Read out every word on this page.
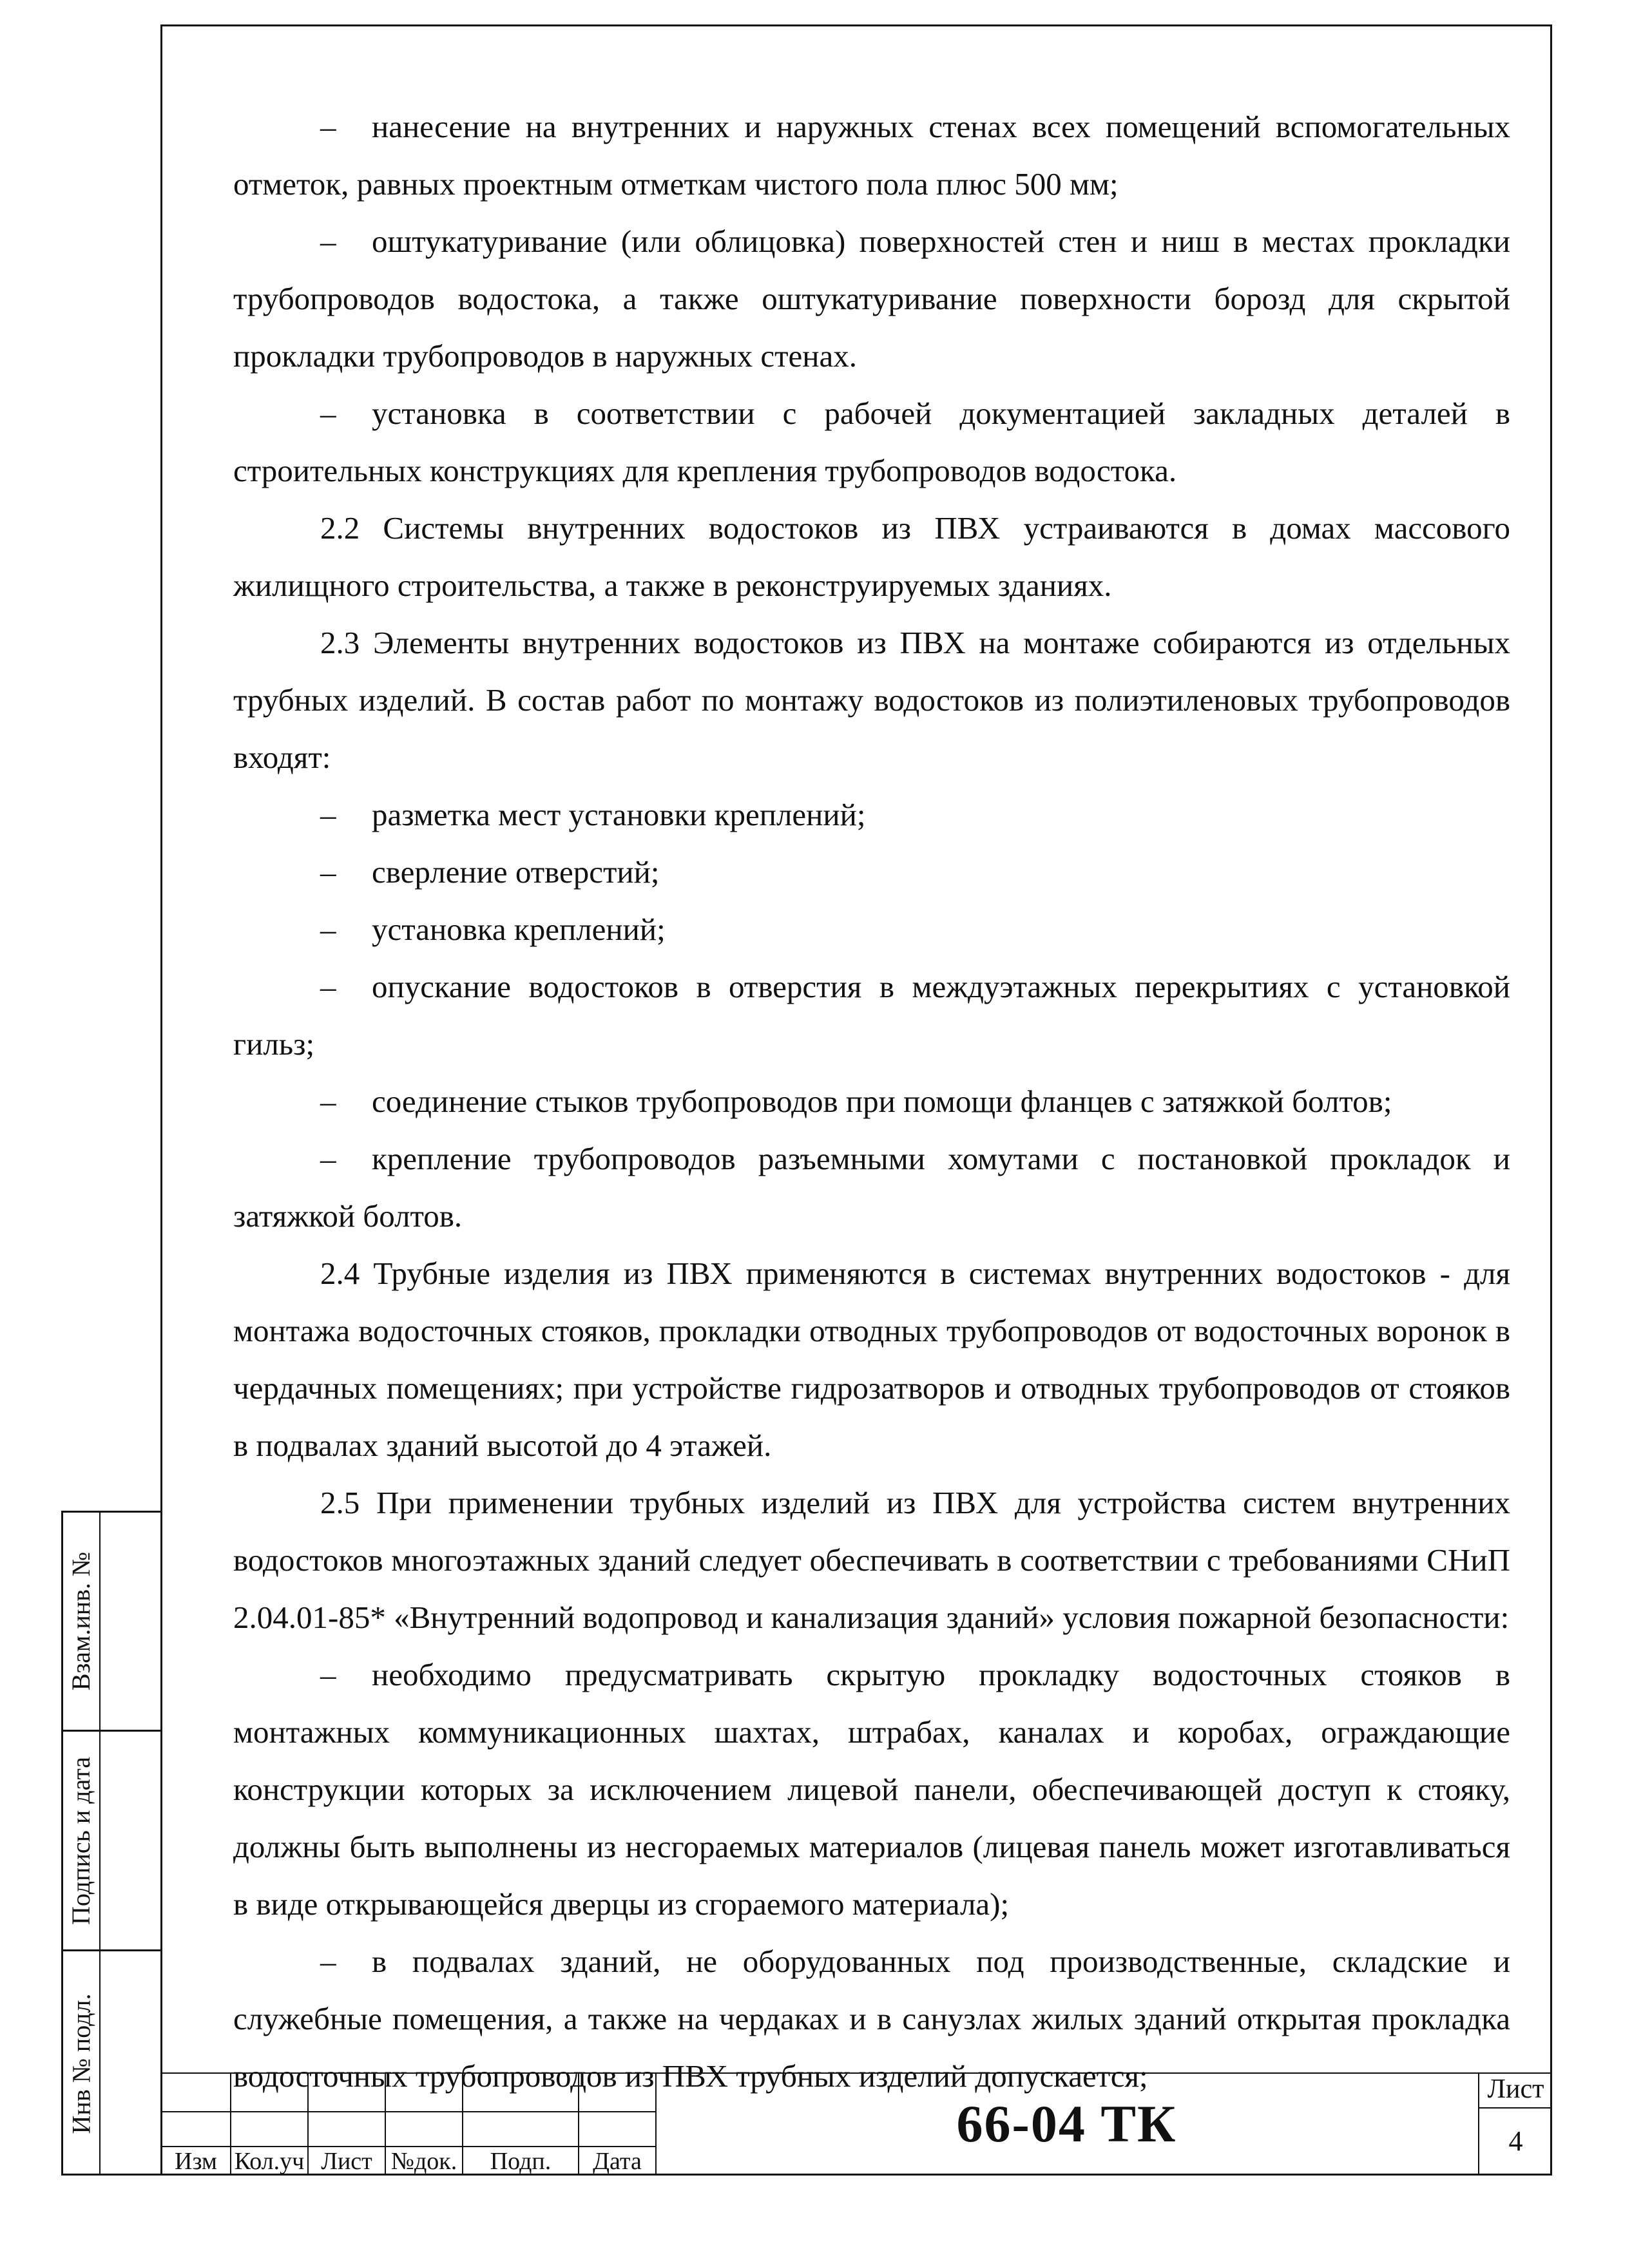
– нанесение на внутренних и наружных стенах всех помещений вспомогательных отметок, равных проектным отметкам чистого пола плюс 500 мм;

– оштукатуривание (или облицовка) поверхностей стен и ниш в местах прокладки трубопроводов водостока, а также оштукатуривание поверхности борозд для скрытой прокладки трубопроводов в наружных стенах.

– установка в соответствии с рабочей документацией закладных деталей в строительных конструкциях для крепления трубопроводов водостока.

2.2 Системы внутренних водостоков из ПВХ устраиваются в домах массового жилищного строительства, а также в реконструируемых зданиях.

2.3 Элементы внутренних водостоков из ПВХ на монтаже собираются из отдельных трубных изделий. В состав работ по монтажу водостоков из полиэтиленовых трубопроводов входят:

– разметка мест установки креплений;

– сверление отверстий;

– установка креплений;

– опускание водостоков в отверстия в междуэтажных перекрытиях с установкой гильз;

– соединение стыков трубопроводов при помощи фланцев с затяжкой болтов;

– крепление трубопроводов разъемными хомутами с постановкой прокладок и затяжкой болтов.

2.4 Трубные изделия из ПВХ применяются в системах внутренних водостоков - для монтажа водосточных стояков, прокладки отводных трубопроводов от водосточных воронок в чердачных помещениях; при устройстве гидрозатворов и отводных трубопроводов от стояков в подвалах зданий высотой до 4 этажей.

2.5 При применении трубных изделий из ПВХ для устройства систем внутренних водостоков многоэтажных зданий следует обеспечивать в соответствии с требованиями СНиП 2.04.01-85* «Внутренний водопровод и канализация зданий» условия пожарной безопасности:

– необходимо предусматривать скрытую прокладку водосточных стояков в монтажных коммуникационных шахтах, штрабах, каналах и коробах, ограждающие конструкции которых за исключением лицевой панели, обеспечивающей доступ к стояку, должны быть выполнены из несгораемых материалов (лицевая панель может изготавливаться в виде открывающейся дверцы из сгораемого материала);

– в подвалах зданий, не оборудованных под производственные, складские и служебные помещения, а также на чердаках и в санузлах жилых зданий открытая прокладка водосточных трубопроводов из ПВХ трубных изделий допускается;

Взам.инв. №
Подпись и дата
Инв № подл.
Изм Кол.уч Лист №док.	Подп.	Дата
66-04 ТК
Лист
4
